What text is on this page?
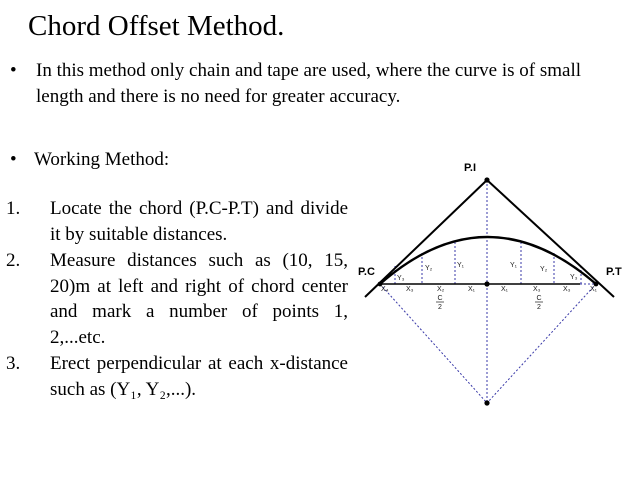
Chord Offset Method.
•	In this method only chain and tape are used, where the curve is of small length and there is no need for greater accuracy.
• Working Method:
1. Locate the chord (P.C-P.T) and divide it by suitable distances.
2. Measure distances such as (10, 15, 20)m at left and right of chord center and mark a number of points 1, 2,...etc.
3. Erect perpendicular at each x-distance such as (Y₁, Y₂,...).
P.I
P.C	P.T
X₄ X₃	X₂	X₁	X₁	X₃	X₃	X₁
Y₃
Y₂	Y₁	Y₁
Y₂
Y₃
C
2
C
2
